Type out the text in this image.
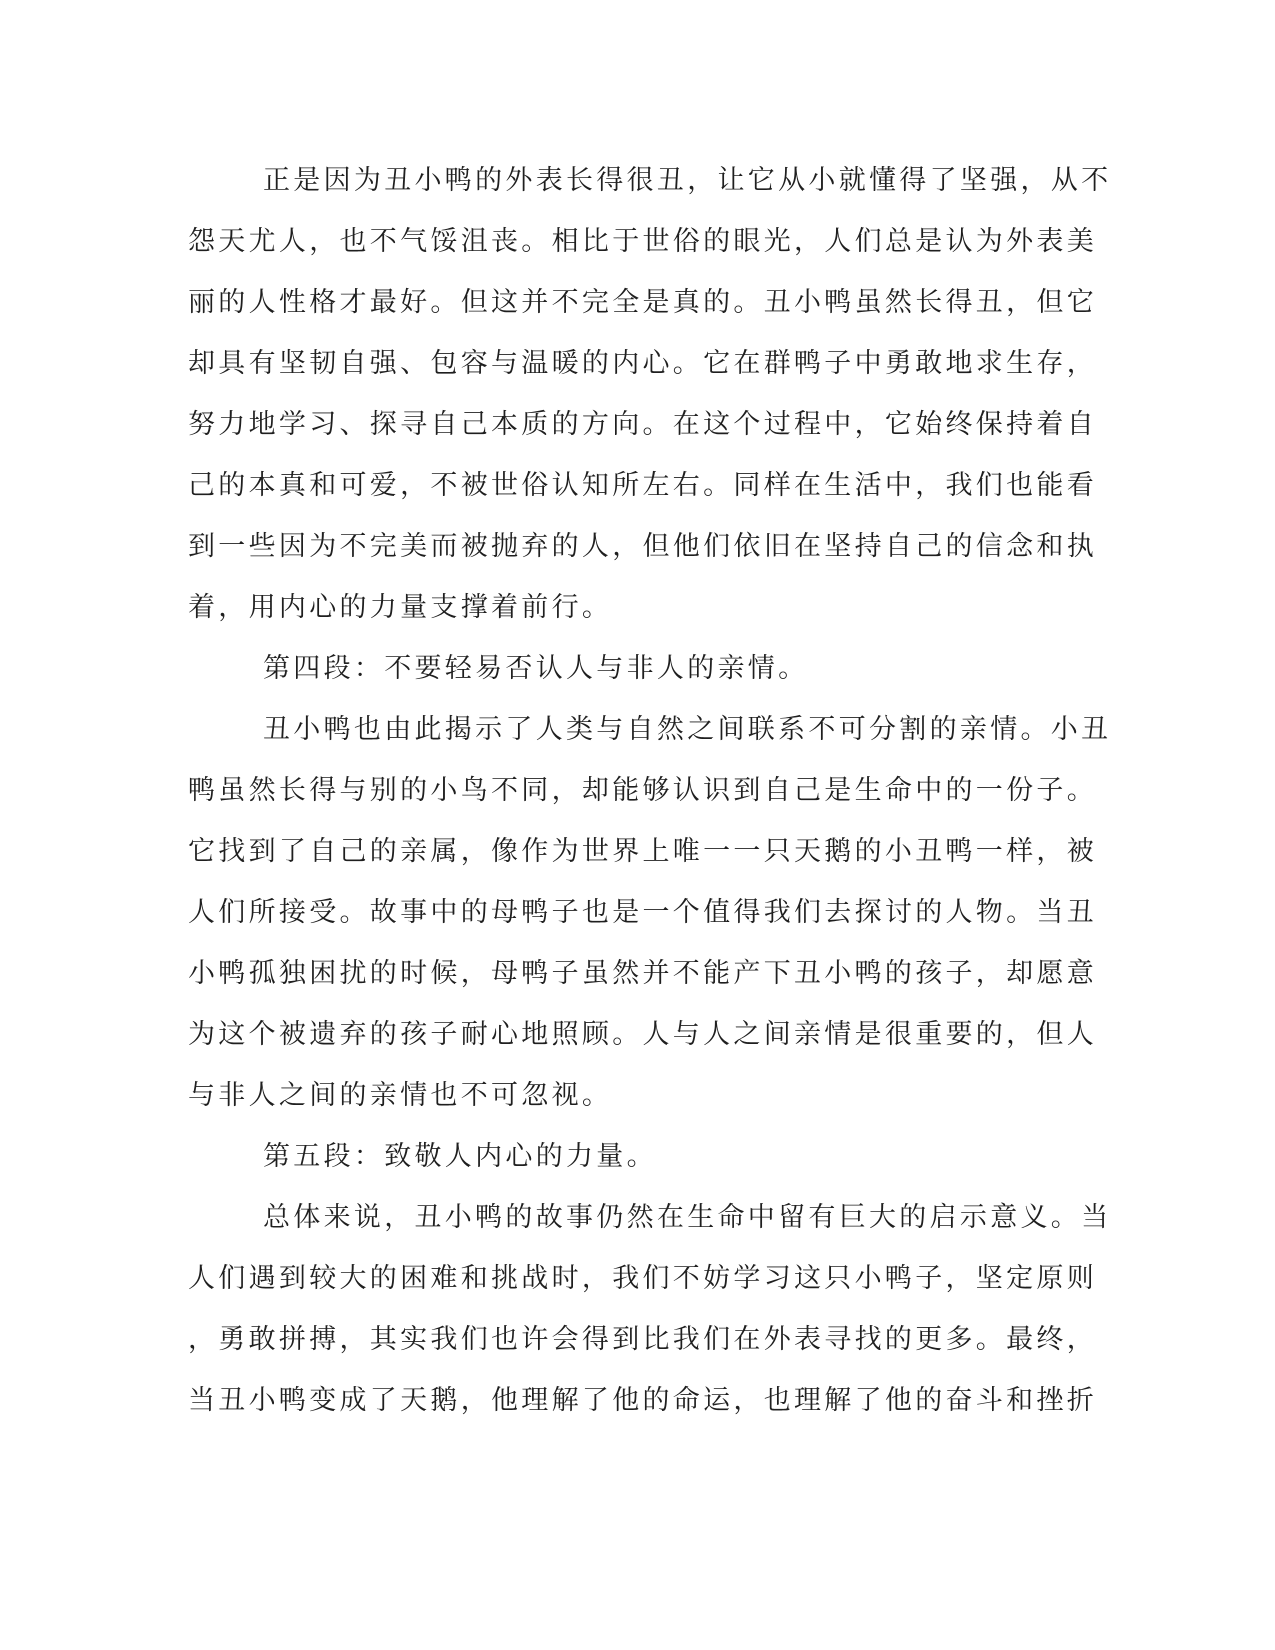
正是因为丑小鸭的外表长得很丑，让它从小就懂得了坚强，从不
怨天尤人，也不气馁沮丧。相比于世俗的眼光，人们总是认为外表美
丽的人性格才最好。但这并不完全是真的。丑小鸭虽然长得丑，但它
却具有坚韧自强、包容与温暖的内心。它在群鸭子中勇敢地求生存，
努力地学习、探寻自己本质的方向。在这个过程中，它始终保持着自
己的本真和可爱，不被世俗认知所左右。同样在生活中，我们也能看
到一些因为不完美而被抛弃的人，但他们依旧在坚持自己的信念和执
着，用内心的力量支撑着前行。
第四段：不要轻易否认人与非人的亲情。
丑小鸭也由此揭示了人类与自然之间联系不可分割的亲情。小丑
鸭虽然长得与别的小鸟不同，却能够认识到自己是生命中的一份子。
它找到了自己的亲属，像作为世界上唯一一只天鹅的小丑鸭一样，被
人们所接受。故事中的母鸭子也是一个值得我们去探讨的人物。当丑
小鸭孤独困扰的时候，母鸭子虽然并不能产下丑小鸭的孩子，却愿意
为这个被遗弃的孩子耐心地照顾。人与人之间亲情是很重要的，但人
与非人之间的亲情也不可忽视。
第五段：致敬人内心的力量。
总体来说，丑小鸭的故事仍然在生命中留有巨大的启示意义。当
人们遇到较大的困难和挑战时，我们不妨学习这只小鸭子，坚定原则
，勇敢拼搏，其实我们也许会得到比我们在外表寻找的更多。最终，
当丑小鸭变成了天鹅，他理解了他的命运，也理解了他的奋斗和挫折
